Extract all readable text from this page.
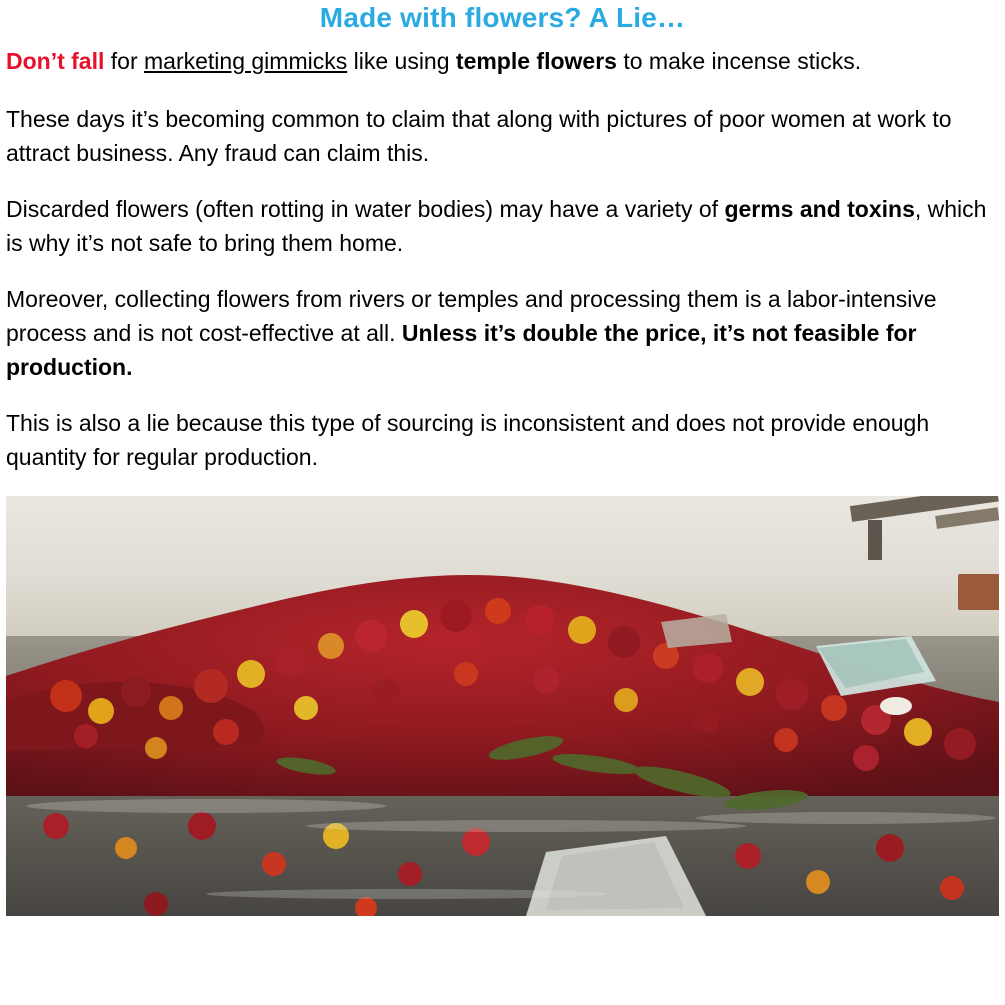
Made with flowers? A Lie…

Don’t fall for marketing gimmicks like using temple flowers to make incense sticks.

These days it’s becoming common to claim that along with pictures of poor women at work to attract business. Any fraud can claim this.

Discarded flowers (often rotting in water bodies) may have a variety of germs and toxins, which is why it’s not safe to bring them home.

Moreover, collecting flowers from rivers or temples and processing them is a labor-intensive process and is not cost-effective at all. Unless it’s double the price, it’s not feasible for production.

This is also a lie because this type of sourcing is inconsistent and does not provide enough quantity for regular production.
